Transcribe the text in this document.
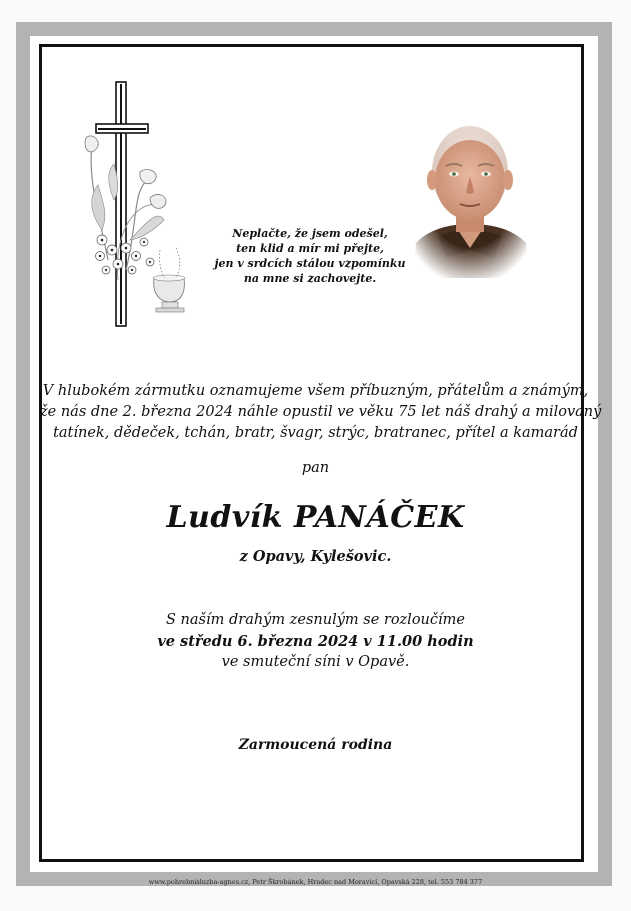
Neplačte, že jsem odešel,
ten klid a mír mi přejte,
jen v srdcích stálou vzpomínku
na mne si zachovejte.
V hlubokém zármutku oznamujeme všem příbuzným, přátelům a známým,
že nás dne 2. března 2024 náhle opustil ve věku 75 let náš drahý a milovaný
tatínek, dědeček, tchán, bratr, švagr, strýc, bratranec, přítel a kamarád
pan
Ludvík PANÁČEK
z Opavy, Kylešovic.
S naším drahým zesnulým se rozloučíme
ve středu 6. března 2024 v 11.00 hodin
ve smuteční síni v Opavě.
Zarmoucená rodina
www.pohrebnisluzba-agnes.cz, Petr Škrobánek, Hradec nad Moravicí, Opavská 228, tel. 553 784 377
